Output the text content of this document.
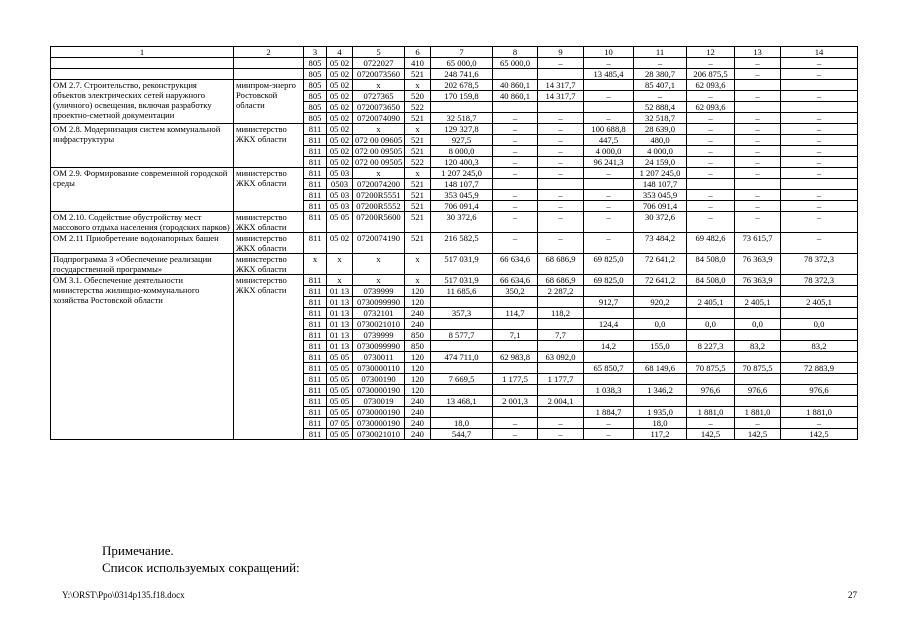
1	2	3	4	5	6	7	8	9	10	11	12	13	14
		805	05 02	0722027	410	65 000,0	65 000,0	–	–	–	–	–	–
		805	05 02	0720073560	521	248 741,6			13 485,4	28 380,7	206 875,5	–	–
ОМ 2.7. Строительство, реконструкция объектов электрических сетей наружного (уличного) освещения, включая разработку проектно-сметной документации	минпром-энерго Ростовской области	805	05 02	х	х	202 678,5	40 860,1	14 317,7		85 407,1	62 093,6		
		805	05 02	0727365	520	170 159,8	40 860,1	14 317,7	–	–	–	–	–
		805	05 02	0720073650	522					52 888,4	62 093,6		
		805	05 02	0720074090	521	32 518,7	–	–	–	32 518,7	–	–	–
ОМ 2.8. Модернизация систем коммунальной инфраструктуры	министерство ЖКХ области	811	05 02	х	х	129 327,8	–	–	100 688,8	28 639,0	–	–	–
		811	05 02	072 00 09605	521	927,5	–	–	447,5	480,0	–	–	–
		811	05 02	072 00 09505	521	8 000,0	–	–	4 000,0	4 000,0	–	–	–
		811	05 02	072 00 09505	522	120 400,3	–	–	96 241,3	24 159,0	–	–	–
ОМ 2.9. Формирование современной городской среды	министерство ЖКХ области	811	05 03	х	х	1 207 245,0	–	–	–	1 207 245,0	–	–	–
		811	0503	0720074200	521	148 107,7				148 107,7			
		811	05 03	07200R5551	521	353 045,9	–	–	–	353 045,9	–	–	–
		811	05 03	07200R5552	521	706 091,4	–	–	–	706 091,4	–	–	–
ОМ 2.10. Содействие обустройству мест массового отдыха населения (городских парков)	министерство ЖКХ области	811	05 05	07200R5600	521	30 372,6	–	–	–	30 372,6	–	–	–
ОМ 2.11 Приобретение водонапорных башен	министерство ЖКХ области	811	05 02	0720074190	521	216 582,5	–	–	–	73 484,2	69 482,6	73 615,7	–
Подпрограмма 3 «Обеспечение реализации государственной программы»	министерство ЖКХ области	х	х	х	х	517 031,9	66 634,6	68 686,9	69 825,0	72 641,2	84 508,0	76 363,9	78 372,3
ОМ 3.1. Обеспечение деятельности министерства жилищно-коммунального хозяйства Ростовской области	министерство ЖКХ области	811	х	х	х	517 031,9	66 634,6	68 686,9	69 825,0	72 641,2	84 508,0	76 363,9	78 372,3
		811	01 13	0739999	120	11 685,6	350,2	2 287,2					
		811	01 13	0730099990	120				912,7	920,2	2 405,1	2 405,1	2 405,1
		811	01 13	0732101	240	357,3	114,7	118,2					
		811	01 13	0730021010	240				124,4	0,0	0,0	0,0	0,0
		811	01 13	0739999	850	8 577,7	7,1	7,7					
		811	01 13	0730099990	850				14,2	155,0	8 227,3	83,2	83,2
		811	05 05	0730011	120	474 711,0	62 983,8	63 092,0					
		811	05 05	0730000110	120				65 850,7	68 149,6	70 875,5	70 875,5	72 883,9
		811	05 05	07300190	120	7 669,5	1 177,5	1 177,7					
		811	05 05	0730000190	120				1 038,3	1 346,2	976,6	976,6	976,6
		811	05 05	0730019	240	13 468,1	2 001,3	2 004,1					
		811	05 05	0730000190	240				1 884,7	1 935,0	1 881,0	1 881,0	1 881,0
		811	07 05	0730000190	240	18,0	–	–	–	18,0	–	–	–
		811	05 05	0730021010	240	544,7	–	–	–	117,2	142,5	142,5	142,5
Примечание.
Список используемых сокращений:
Y:\ORST\Ppo\0314p135.f18.docx	27
